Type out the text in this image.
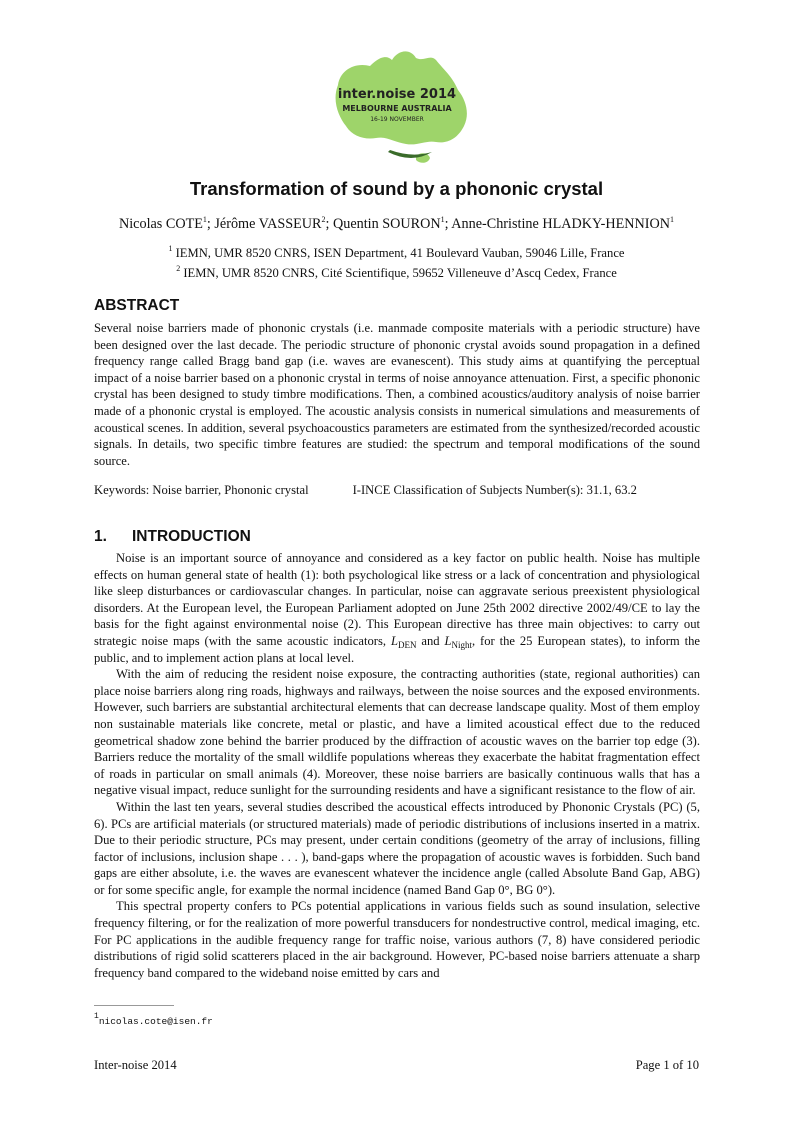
inter.noise 2014
MELBOURNE AUSTRALIA
16-19 NOVEMBER
Transformation of sound by a phononic crystal
Nicolas COTE$^1$; Jérôme VASSEUR$^2$; Quentin SOURON$^1$; Anne-Christine HLADKY-HENNION$^1$
$^1$ IEMN, UMR 8520 CNRS, ISEN Department, 41 Boulevard Vauban, 59046 Lille, France
$^2$ IEMN, UMR 8520 CNRS, Cité Scientifique, 59652 Villeneuve d’Ascq Cedex, France
ABSTRACT
Several noise barriers made of phononic crystals (i.e. manmade composite materials with a periodic structure) have been designed over the last decade. The periodic structure of phononic crystal avoids sound propagation in a defined frequency range called Bragg band gap (i.e. waves are evanescent). This study aims at quantifying the perceptual impact of a noise barrier based on a phononic crystal in terms of noise annoyance attenuation. First, a specific phononic crystal has been designed to study timbre modifications. Then, a combined acoustics/auditory analysis of noise barrier made of a phononic crystal is employed. The acoustic analysis consists in numerical simulations and measurements of acoustical scenes. In addition, several psychoacoustics parameters are estimated from the synthesized/recorded acoustic signals. In details, two specific timbre features are studied: the spectrum and temporal modifications of the sound source.
Keywords: Noise barrier, Phononic crystal	I-INCE Classification of Subjects Number(s): 31.1, 63.2
1. INTRODUCTION

Noise is an important source of annoyance and considered as a key factor on public health. Noise has multiple effects on human general state of health (1): both psychological like stress or a lack of concentration and physiological like sleep disturbances or cardiovascular changes. In particular, noise can aggravate serious preexistent physiological disorders. At the European level, the European Parliament adopted on June 25th 2002 directive 2002/49/CE to lay the basis for the fight against environmental noise (2). This European directive has three main objectives: to carry out strategic noise maps (with the same acoustic indicators, $L_{DEN}$ and $L_{Night}$, for the 25 European states), to inform the public, and to implement action plans at local level.

With the aim of reducing the resident noise exposure, the contracting authorities (state, regional authorities) can place noise barriers along ring roads, highways and railways, between the noise sources and the exposed environments. However, such barriers are substantial architectural elements that can decrease landscape quality. Most of them employ non sustainable materials like concrete, metal or plastic, and have a limited acoustical effect due to the reduced geometrical shadow zone behind the barrier produced by the diffraction of acoustic waves on the barrier top edge (3). Barriers reduce the mortality of the small wildlife populations whereas they exacerbate the habitat fragmentation effect of roads in particular on small animals (4). Moreover, these noise barriers are basically continuous walls that has a negative visual impact, reduce sunlight for the surrounding residents and have a significant resistance to the flow of air.

Within the last ten years, several studies described the acoustical effects introduced by Phononic Crystals (PC) (5, 6). PCs are artificial materials (or structured materials) made of periodic distributions of inclusions inserted in a matrix. Due to their periodic structure, PCs may present, under certain conditions (geometry of the array of inclusions, filling factor of inclusions, inclusion shape . . . ), band-gaps where the propagation of acoustic waves is forbidden. Such band gaps are either absolute, i.e. the waves are evanescent whatever the incidence angle (called Absolute Band Gap, ABG) or for some specific angle, for example the normal incidence (named Band Gap 0°, BG 0°).

This spectral property confers to PCs potential applications in various fields such as sound insulation, selective frequency filtering, or for the realization of more powerful transducers for nondestructive control, medical imaging, etc. For PC applications in the audible frequency range for traffic noise, various authors (7, 8) have considered periodic distributions of rigid solid scatterers placed in the air background. However, PC-based noise barriers attenuate a sharp frequency band compared to the wideband noise emitted by cars and

$^1$nicolas.cote@isen.fr
Inter-noise 2014	Page 1 of 10
